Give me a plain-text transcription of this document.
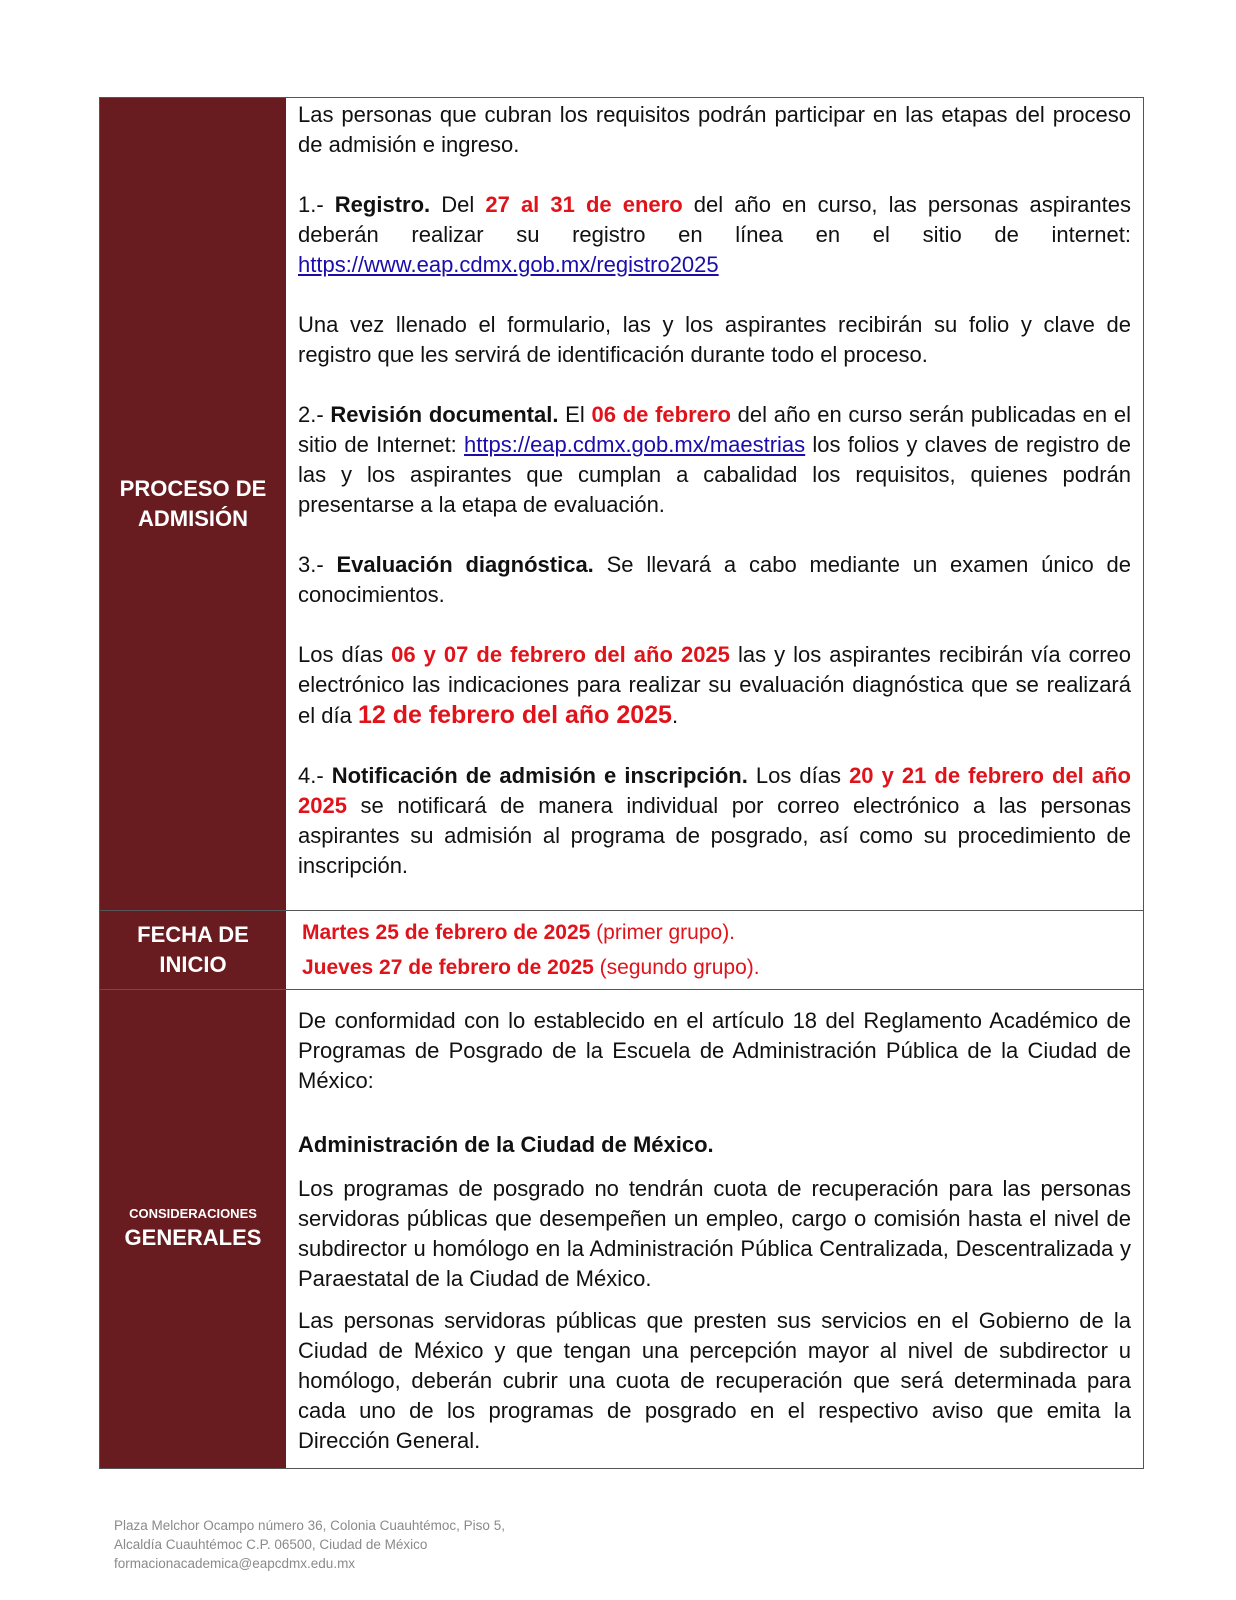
PROCESO DE
ADMISIÓN

Las personas que cubran los requisitos podrán participar en las etapas del proceso de admisión e ingreso.

1.- Registro. Del 27 al 31 de enero del año en curso, las personas aspirantes deberán realizar su registro en línea en el sitio de internet: https://www.eap.cdmx.gob.mx/registro2025

Una vez llenado el formulario, las y los aspirantes recibirán su folio y clave de registro que les servirá de identificación durante todo el proceso.

2.- Revisión documental. El 06 de febrero del año en curso serán publicadas en el sitio de Internet: https://eap.cdmx.gob.mx/maestrias los folios y claves de registro de las y los aspirantes que cumplan a cabalidad los requisitos, quienes podrán presentarse a la etapa de evaluación.

3.- Evaluación diagnóstica. Se llevará a cabo mediante un examen único de conocimientos.

Los días 06 y 07 de febrero del año 2025 las y los aspirantes recibirán vía correo electrónico las indicaciones para realizar su evaluación diagnóstica que se realizará el día 12 de febrero del año 2025.

4.- Notificación de admisión e inscripción. Los días 20 y 21 de febrero del año 2025 se notificará de manera individual por correo electrónico a las personas aspirantes su admisión al programa de posgrado, así como su procedimiento de inscripción.

FECHA DE
INICIO

Martes 25 de febrero de 2025 (primer grupo).

Jueves 27 de febrero de 2025 (segundo grupo).

CONSIDERACIONES
GENERALES

De conformidad con lo establecido en el artículo 18 del Reglamento Académico de Programas de Posgrado de la Escuela de Administración Pública de la Ciudad de México:

Administración de la Ciudad de México.

Los programas de posgrado no tendrán cuota de recuperación para las personas servidoras públicas que desempeñen un empleo, cargo o comisión hasta el nivel de subdirector u homólogo en la Administración Pública Centralizada, Descentralizada y Paraestatal de la Ciudad de México.

Las personas servidoras públicas que presten sus servicios en el Gobierno de la Ciudad de México y que tengan una percepción mayor al nivel de subdirector u homólogo, deberán cubrir una cuota de recuperación que será determinada para cada uno de los programas de posgrado en el respectivo aviso que emita la Dirección General.

Plaza Melchor Ocampo número 36, Colonia Cuauhtémoc, Piso 5,
Alcaldía Cuauhtémoc C.P. 06500, Ciudad de México
formacionacademica@eapcdmx.edu.mx
